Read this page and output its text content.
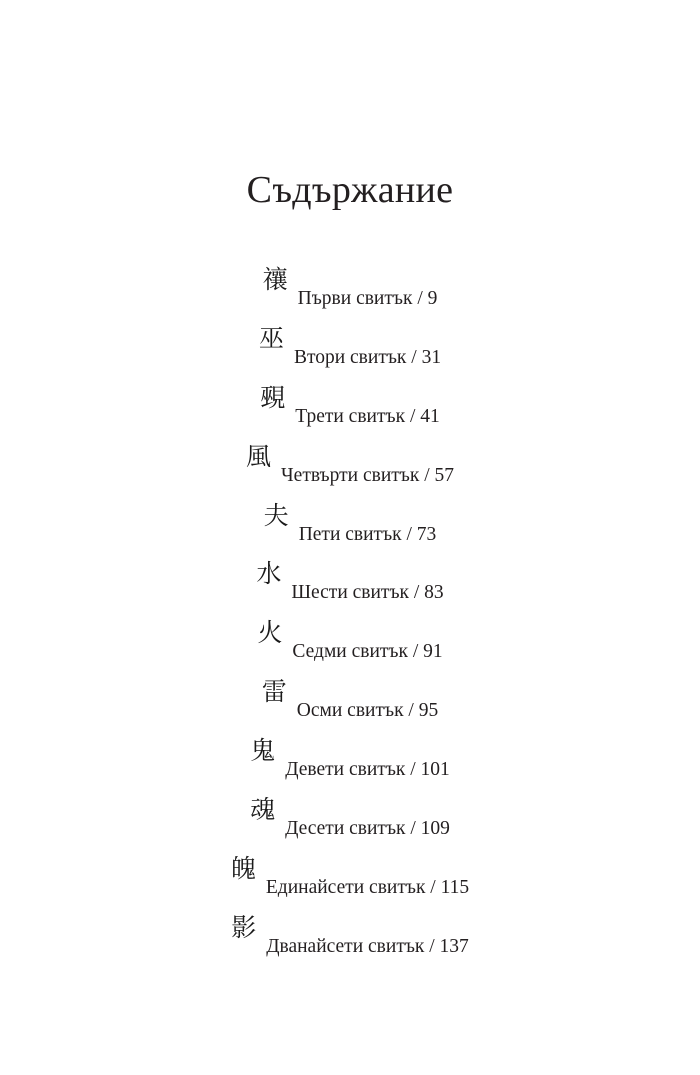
Съдържание
禳
Първи свитък / 9
巫
Втори свитък / 31
覡
Трети свитък / 41
風
Четвърти свитък / 57
夫
Пети свитък / 73
水
Шести свитък / 83
火
Седми свитък / 91
雷
Осми свитък / 95
鬼
Девети свитък / 101
魂
Десети свитък / 109
魄
Единайсети свитък / 115
影
Дванайсети свитък / 137
